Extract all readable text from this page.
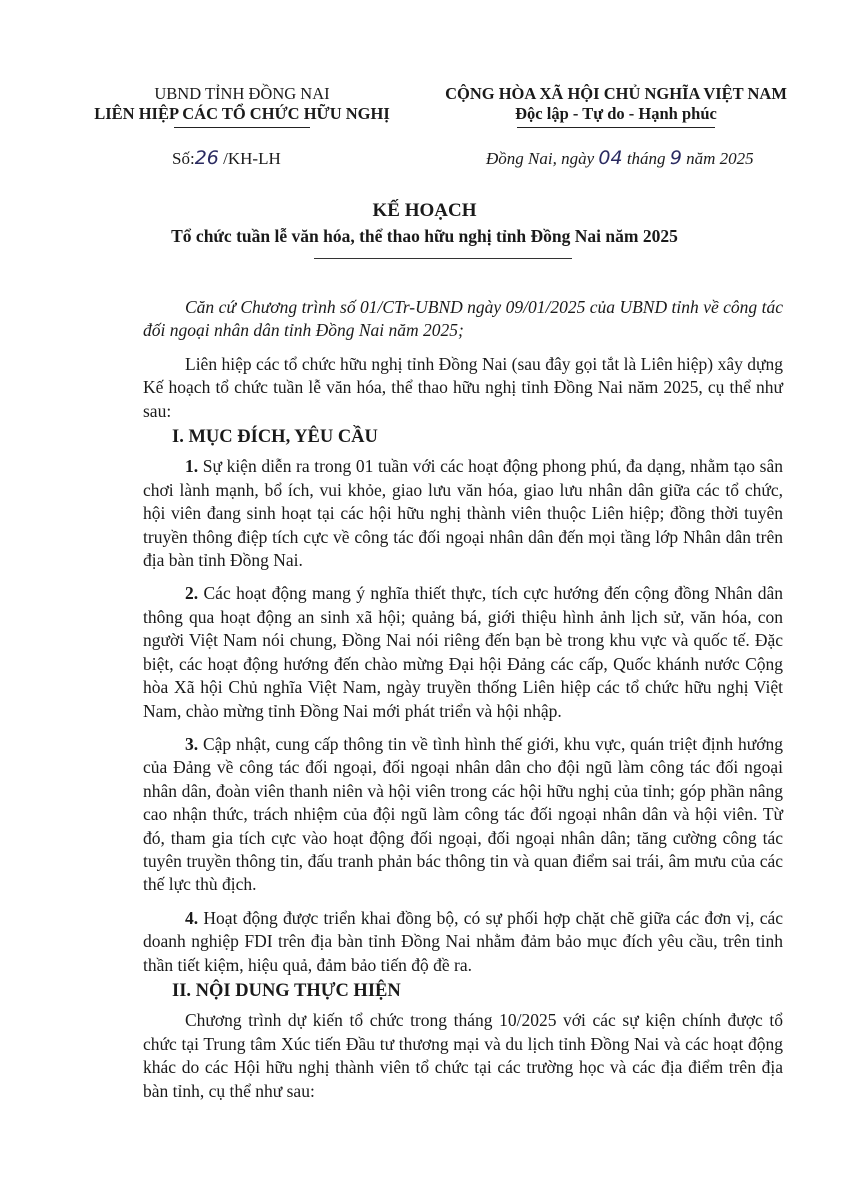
UBND TỈNH ĐỒNG NAI
LIÊN HIỆP CÁC TỔ CHỨC HỮU NGHỊ
CỘNG HÒA XÃ HỘI CHỦ NGHĨA VIỆT NAM
Độc lập - Tự do - Hạnh phúc
Số:26 /KH-LH	Đồng Nai, ngày 04 tháng 9 năm 2025
KẾ HOẠCH
Tổ chức tuần lễ văn hóa, thể thao hữu nghị tỉnh Đồng Nai năm 2025

Căn cứ Chương trình số 01/CTr-UBND ngày 09/01/2025 của UBND tỉnh về công tác đối ngoại nhân dân tỉnh Đồng Nai năm 2025;

Liên hiệp các tổ chức hữu nghị tỉnh Đồng Nai (sau đây gọi tắt là Liên hiệp) xây dựng Kế hoạch tổ chức tuần lễ văn hóa, thể thao hữu nghị tỉnh Đồng Nai năm 2025, cụ thể như sau:

I. MỤC ĐÍCH, YÊU CẦU

1. Sự kiện diễn ra trong 01 tuần với các hoạt động phong phú, đa dạng, nhằm tạo sân chơi lành mạnh, bổ ích, vui khỏe, giao lưu văn hóa, giao lưu nhân dân giữa các tổ chức, hội viên đang sinh hoạt tại các hội hữu nghị thành viên thuộc Liên hiệp; đồng thời tuyên truyền thông điệp tích cực về công tác đối ngoại nhân dân đến mọi tầng lớp Nhân dân trên địa bàn tỉnh Đồng Nai.

2. Các hoạt động mang ý nghĩa thiết thực, tích cực hướng đến cộng đồng Nhân dân thông qua hoạt động an sinh xã hội; quảng bá, giới thiệu hình ảnh lịch sử, văn hóa, con người Việt Nam nói chung, Đồng Nai nói riêng đến bạn bè trong khu vực và quốc tế. Đặc biệt, các hoạt động hướng đến chào mừng Đại hội Đảng các cấp, Quốc khánh nước Cộng hòa Xã hội Chủ nghĩa Việt Nam, ngày truyền thống Liên hiệp các tổ chức hữu nghị Việt Nam, chào mừng tỉnh Đồng Nai mới phát triển và hội nhập.

3. Cập nhật, cung cấp thông tin về tình hình thế giới, khu vực, quán triệt định hướng của Đảng về công tác đối ngoại, đối ngoại nhân dân cho đội ngũ làm công tác đối ngoại nhân dân, đoàn viên thanh niên và hội viên trong các hội hữu nghị của tỉnh; góp phần nâng cao nhận thức, trách nhiệm của đội ngũ làm công tác đối ngoại nhân dân và hội viên. Từ đó, tham gia tích cực vào hoạt động đối ngoại, đối ngoại nhân dân; tăng cường công tác tuyên truyền thông tin, đấu tranh phản bác thông tin và quan điểm sai trái, âm mưu của các thế lực thù địch.

4. Hoạt động được triển khai đồng bộ, có sự phối hợp chặt chẽ giữa các đơn vị, các doanh nghiệp FDI trên địa bàn tỉnh Đồng Nai nhằm đảm bảo mục đích yêu cầu, trên tinh thần tiết kiệm, hiệu quả, đảm bảo tiến độ đề ra.

II. NỘI DUNG THỰC HIỆN

Chương trình dự kiến tổ chức trong tháng 10/2025 với các sự kiện chính được tổ chức tại Trung tâm Xúc tiến Đầu tư thương mại và du lịch tỉnh Đồng Nai và các hoạt động khác do các Hội hữu nghị thành viên tổ chức tại các trường học và các địa điểm trên địa bàn tỉnh, cụ thể như sau:
